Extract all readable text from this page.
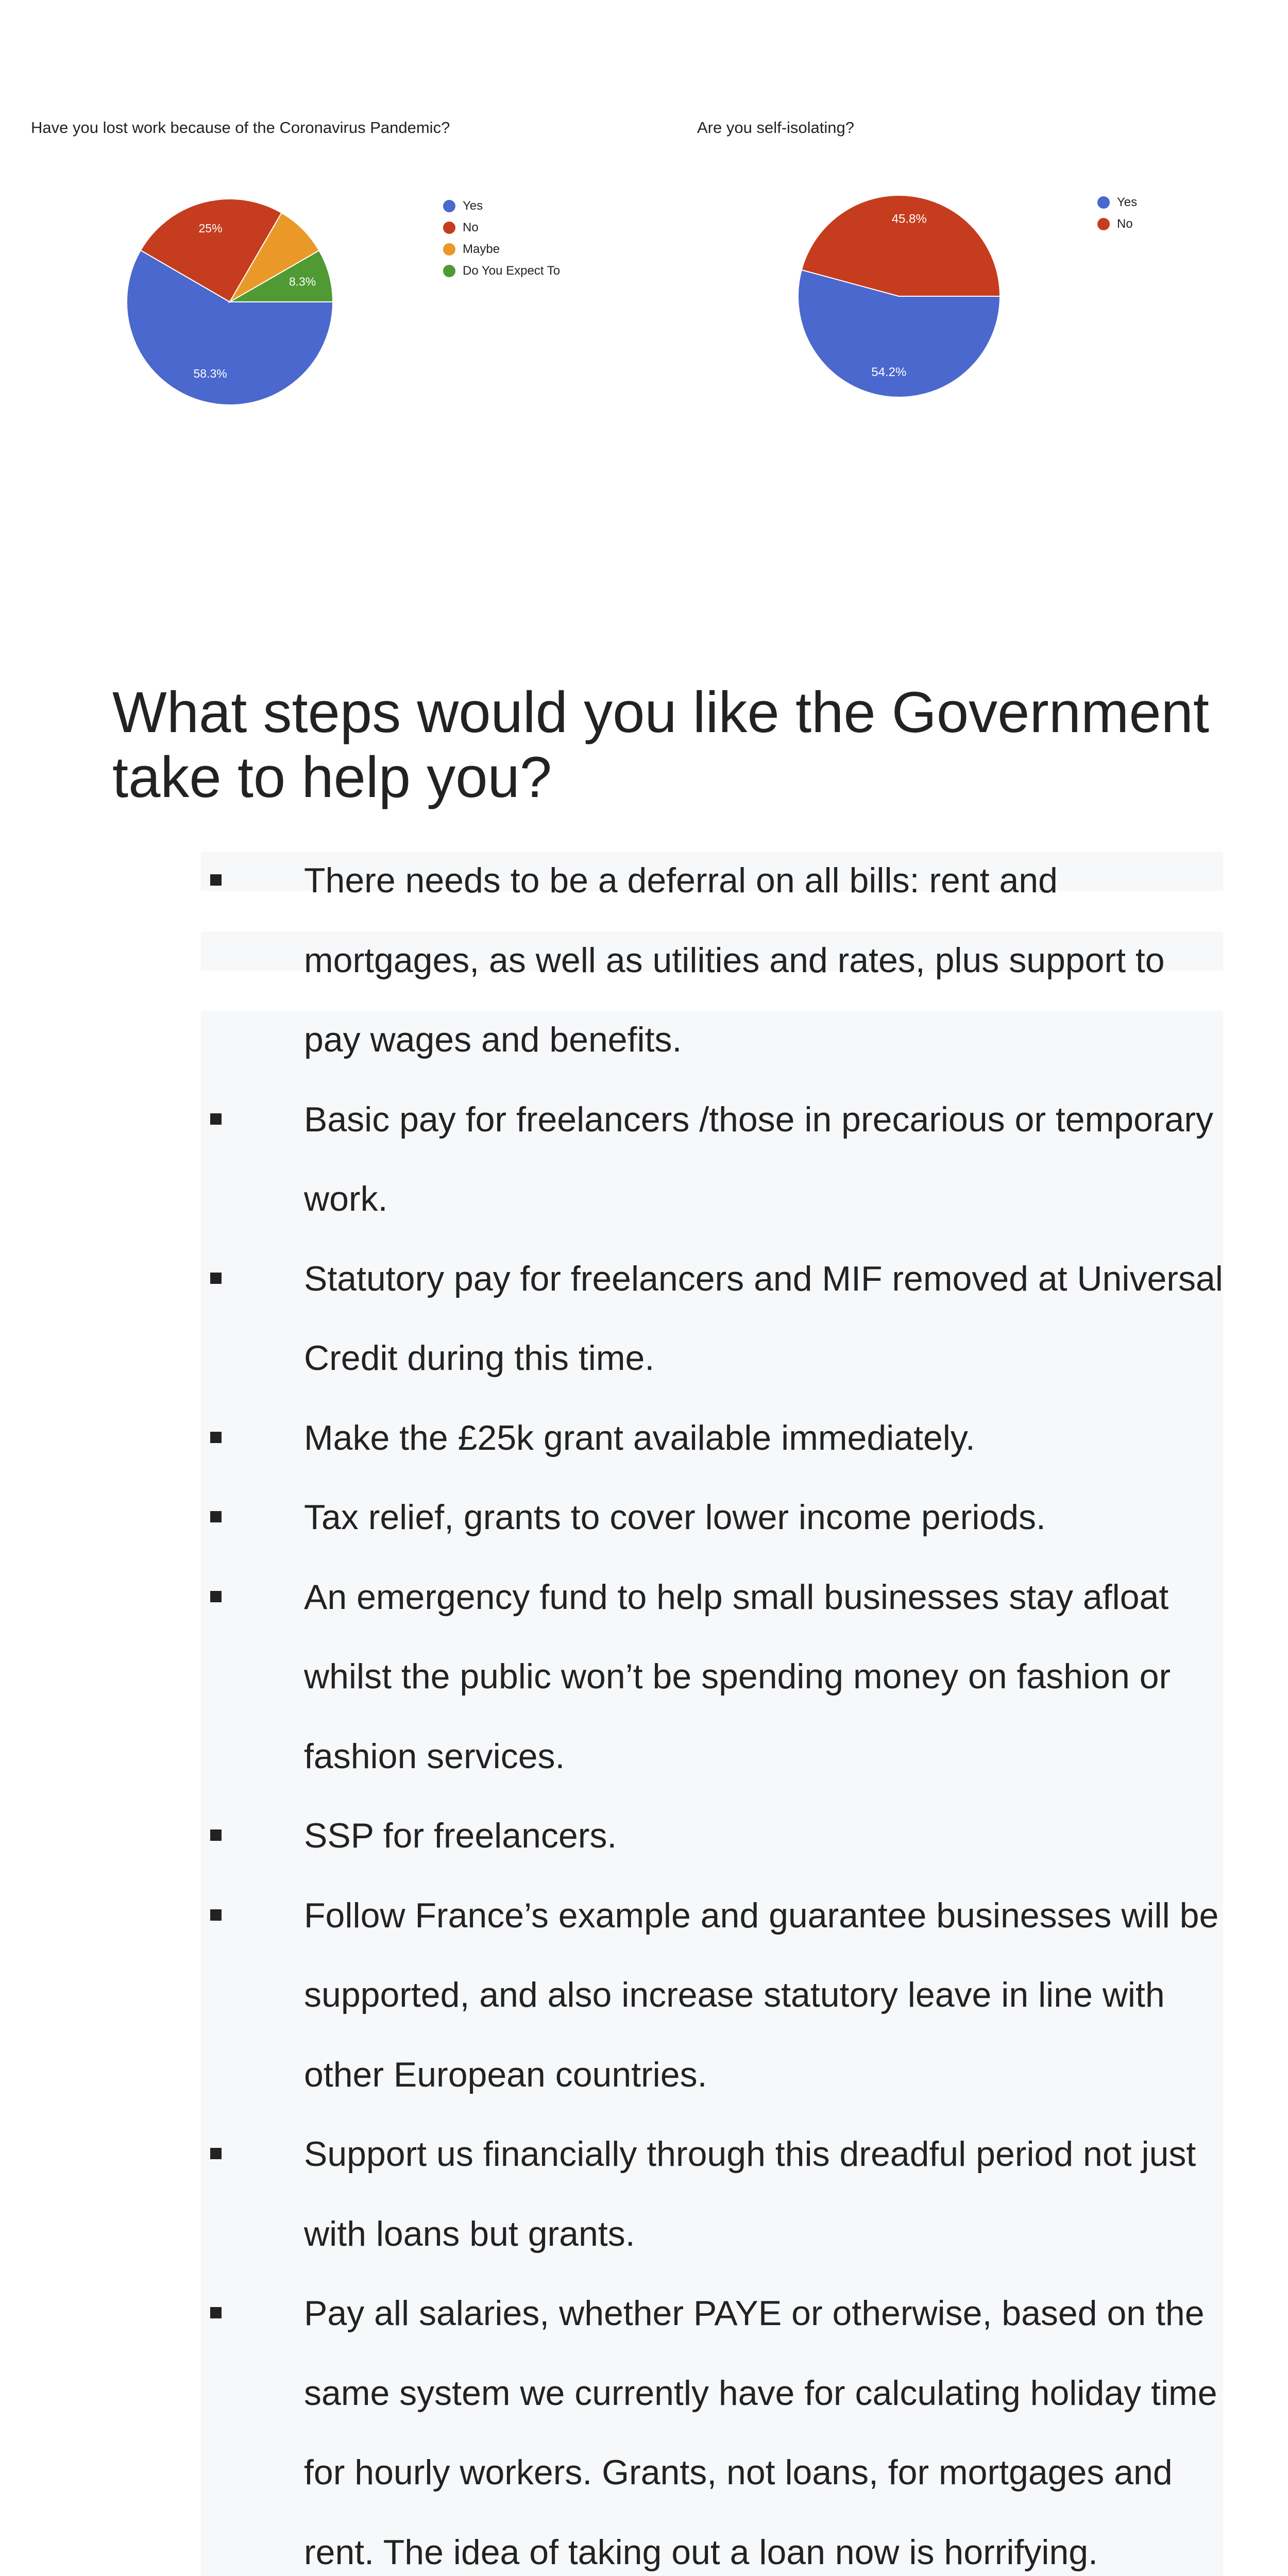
Have you lost work because of the Coronavirus Pandemic?
58.3%
25%
8.3%
Yes
No
Maybe
Do You Expect To
Are you self-isolating?
54.2%
45.8%
Yes
No
What steps would you like the Government take to help you?
There needs to be a deferral on all bills: rent and mortgages, as well as utilities and rates, plus support to pay wages and benefits.
Basic pay for freelancers /those in precarious or temporary work.
Statutory pay for freelancers and MIF removed at Universal Credit during this time.
Make the £25k grant available immediately.
Tax relief, grants to cover lower income periods.
An emergency fund to help small businesses stay afloat whilst the public won’t be spending money on fashion or fashion services.
SSP for freelancers.
Follow France’s example and guarantee businesses will be supported, and also increase statutory leave in line with other European countries.
Support us financially through this dreadful period not just with loans but grants.
Pay all salaries, whether PAYE or otherwise, based on the same system we currently have for calculating holiday time for hourly workers. Grants, not loans, for mortgages and rent. The idea of taking out a loan now is horrifying.
